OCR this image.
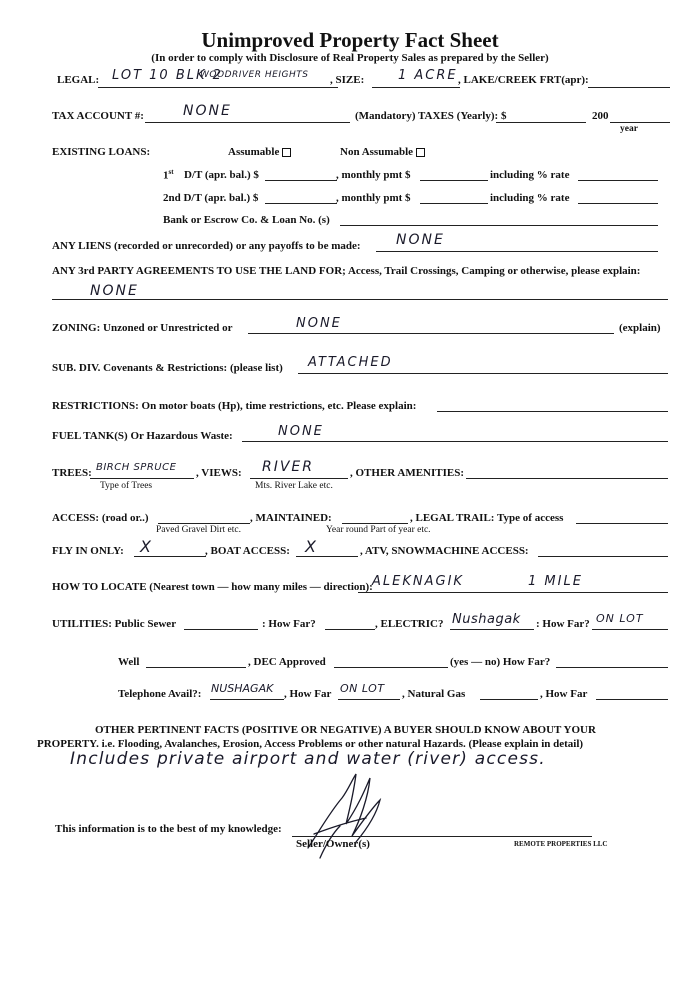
Unimproved Property Fact Sheet
(In order to comply with Disclosure of Real Property Sales as prepared by the Seller)
LEGAL: LOT 10 BLK 2
WOODRIVER HEIGHTS , SIZE:	1 ACRE , LAKE/CREEK FRT(apr):
TAX ACCOUNT #:	NONE	(Mandatory) TAXES (Yearly): $	200
year
EXISTING LOANS:	Assumable	Non Assumable
1st D/T (apr. bal.) $	, monthly pmt $	including % rate
2nd D/T (apr. bal.) $	, monthly pmt $	including % rate
Bank or Escrow Co. & Loan No. (s)
ANY LIENS (recorded or unrecorded) or any payoffs to be made:	NONE
ANY 3rd PARTY AGREEMENTS TO USE THE LAND FOR; Access, Trail Crossings, Camping or otherwise, please explain:
NONE
ZONING: Unzoned or Unrestricted or	NONE	(explain)
SUB. DIV. Covenants & Restrictions: (please list) ATTACHED
RESTRICTIONS: On motor boats (Hp), time restrictions, etc. Please explain:
FUEL TANK(S) Or Hazardous Waste:	NONE
TREES: BIRCH SPRUCE
Type of Trees
, VIEWS: RIVER
Mts. River Lake etc.
, OTHER AMENITIES:
ACCESS: (road or..)
Paved Gravel Dirt etc.
, MAINTAINED:
Year round Part of year etc.
, LEGAL TRAIL: Type of access
FLY IN ONLY: X	, BOAT ACCESS: X	, ATV, SNOWMACHINE ACCESS:
HOW TO LOCATE (Nearest town — how many miles — direction): ALEKNAGIK	1 MILE
UTILITIES: Public Sewer	: How Far?	, ELECTRIC? Nushagak : How Far? ON LOT
Well	, DEC Approved	(yes — no) How Far?
Telephone Avail?: NUSHAGAK , How Far ON LOT , Natural Gas	, How Far
OTHER PERTINENT FACTS (POSITIVE OR NEGATIVE) A BUYER SHOULD KNOW ABOUT YOUR
PROPERTY. i.e. Flooding, Avalanches, Erosion, Access Problems or other natural Hazards. (Please explain in detail)
Includes private airport and water (river) access.
This information is to the best of my knowledge:
Seller/Owner(s)	REMOTE PROPERTIES LLC
